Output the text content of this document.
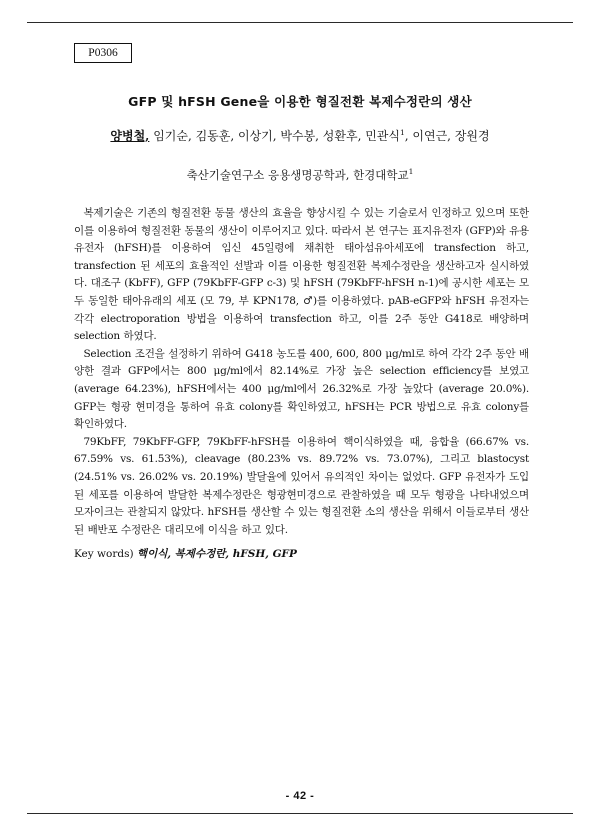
P0306
GFP 및 hFSH Gene을 이용한 형질전환 복제수정란의 생산
양병철, 임기순, 김동훈, 이상기, 박수봉, 성환후, 민관식$^1$, 이연근, 장원경
축산기술연구소 응용생명공학과, 한경대학교$^1$

복제기술은 기존의 형질전환 동물 생산의 효율을 향상시킬 수 있는 기술로서 인정하고 있으며 또한 이를 이용하여 형질전환 동물의 생산이 이루어지고 있다. 따라서 본 연구는 표지유전자 (GFP)와 유용유전자 (hFSH)를 이용하여 임신 45일령에 채취한 태아섬유아세포에 transfection 하고, transfection 된 세포의 효율적인 선발과 이를 이용한 형질전환 복제수정란을 생산하고자 실시하였다. 대조구 (KbFF), GFP (79KbFF-GFP c-3) 및 hFSH (79KbFF-hFSH n-1)에 공시한 세포는 모두 동일한 태아유래의 세포 (모 79, 부 KPN178, ♂)를 이용하였다. pAB-eGFP와 hFSH 유전자는 각각 electroporation 방법을 이용하여 transfection 하고, 이를 2주 동안 G418로 배양하며 selection 하였다.

Selection 조건을 설정하기 위하여 G418 농도를 400, 600, 800 μg/ml로 하여 각각 2주 동안 배양한 결과 GFP에서는 800 μg/ml에서 82.14%로 가장 높은 selection efficiency를 보였고 (average 64.23%), hFSH에서는 400 μg/ml에서 26.32%로 가장 높았다 (average 20.0%). GFP는 형광 현미경을 통하여 유효 colony를 확인하였고, hFSH는 PCR 방법으로 유효 colony를 확인하였다.

79KbFF, 79KbFF-GFP, 79KbFF-hFSH를 이용하여 핵이식하였을 때, 융합율 (66.67% vs. 67.59% vs. 61.53%), cleavage (80.23% vs. 89.72% vs. 73.07%), 그리고 blastocyst (24.51% vs. 26.02% vs. 20.19%) 발달율에 있어서 유의적인 차이는 없었다. GFP 유전자가 도입된 세포를 이용하여 발달한 복제수정란은 형광현미경으로 관찰하였을 때 모두 형광을 나타내었으며 모자이크는 관찰되지 않았다. hFSH를 생산할 수 있는 형질전환 소의 생산을 위해서 이들로부터 생산된 배반포 수정란은 대리모에 이식을 하고 있다.

Key words) 핵이식, 복제수정란, hFSH, GFP
- 42 -
